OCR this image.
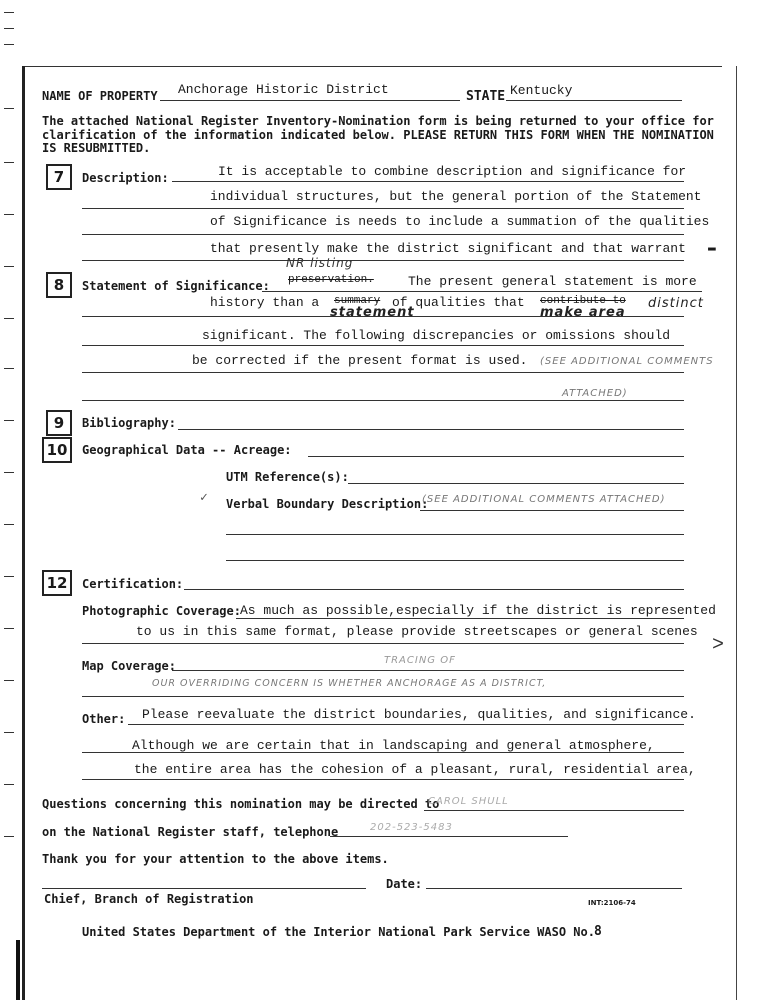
NAME OF PROPERTY Anchorage Historic District	STATE Kentucky
The attached National Register Inventory-Nomination form is being returned to your office for
clarification of the information indicated below. PLEASE RETURN THIS FORM WHEN THE NOMINATION
IS RESUBMITTED.
7	Description:	It is acceptable to combine description and significance for
individual structures, but the general portion of the Statement
of Significance is needs to include a summation of the qualities
that presently make the district significant and that warrant ▬
8	Statement of Significance:
NR listing
preservation.	The present general statement is more
history than a summary of qualities that contribute to
statement	make area
distinct
significant. The following discrepancies or omissions should
be corrected if the present format is used. (SEE ADDITIONAL COMMENTS
ATTACHED)
9	Bibliography:
10	Geographical Data -- Acreage:
UTM Reference(s):
✓ Verbal Boundary Description:
(SEE ADDITIONAL COMMENTS ATTACHED)
12	Certification:
Photographic Coverage: As much as possible,especially if the district is represented
to us in this same format, please provide streetscapes or general scenes
>
Map Coverage:	TRACING OF
OUR OVERRIDING CONCERN IS WHETHER ANCHORAGE AS A DISTRICT,
Other: Please reevaluate the district boundaries, qualities, and significance.
Although we are certain that in landscaping and general atmosphere,
the entire area has the cohesion of a pleasant, rural, residential area,
Questions concerning this nomination may be directed to
CAROL SHULL
on the National Register staff, telephone	202-523-5483
Thank you for your attention to the above items.
Date:
Chief, Branch of Registration	INT:2106-74
United States Department of the Interior National Park Service WASO No. 8
